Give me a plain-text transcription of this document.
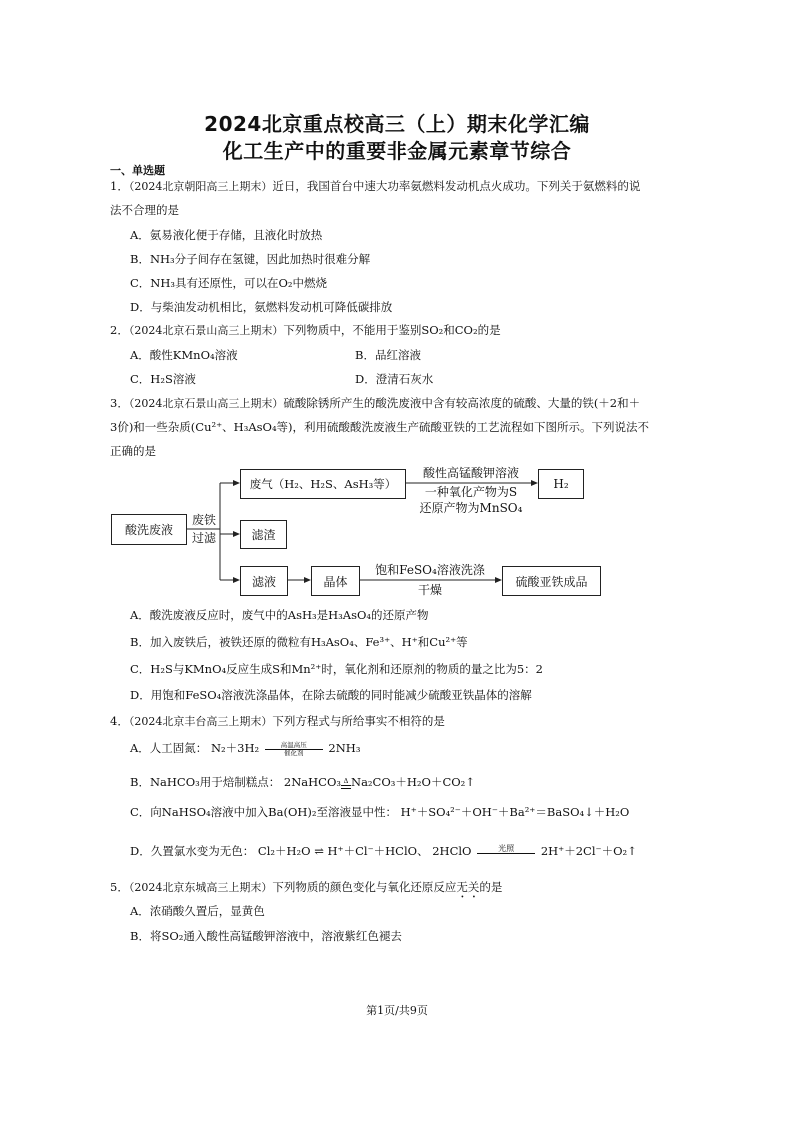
2024北京重点校高三（上）期末化学汇编
化工生产中的重要非金属元素章节综合
一、单选题
1．（2024北京朝阳高三上期末）近日，我国首台中速大功率氨燃料发动机点火成功。下列关于氨燃料的说
法不合理的是
A．氨易液化便于存储，且液化时放热
B．NH₃分子间存在氢键，因此加热时很难分解
C．NH₃具有还原性，可以在O₂中燃烧
D．与柴油发动机相比，氨燃料发动机可降低碳排放
2．（2024北京石景山高三上期末）下列物质中，不能用于鉴别SO₂和CO₂的是
A．酸性KMnO₄溶液	B．品红溶液
C．H₂S溶液	D．澄清石灰水
3．（2024北京石景山高三上期末）硫酸除锈所产生的酸洗废液中含有较高浓度的硫酸、大量的铁(＋2和＋
3价)和一些杂质(Cu²⁺、H₃AsO₄等)，利用硫酸酸洗废液生产硫酸亚铁的工艺流程如下图所示。下列说法不
正确的是
酸洗废液
废铁
过滤
废气（H₂、H₂S、AsH₃等）
酸性高锰酸钾溶液
一种氧化产物为S
还原产物为MnSO₄
H₂
滤渣
滤液	晶体
饱和FeSO₄溶液洗涤
干燥
硫酸亚铁成品
A．酸洗废液反应时，废气中的AsH₃是H₃AsO₄的还原产物
B．加入废铁后，被铁还原的微粒有H₃AsO₄、Fe³⁺、H⁺和Cu²⁺等
C．H₂S与KMnO₄反应生成S和Mn²⁺时，氧化剂和还原剂的物质的量之比为5：2
D．用饱和FeSO₄溶液洗涤晶体，在除去硫酸的同时能减少硫酸亚铁晶体的溶解
4．（2024北京丰台高三上期末）下列方程式与所给事实不相符的是
A．人工固氮： N₂＋3H₂	高温高压
催化剂	2NH₃
B．NaHCO₃用于焙制糕点： 2NaHCO₃ Δ Na₂CO₃＋H₂O＋CO₂↑
C．向NaHSO₄溶液中加入Ba(OH)₂至溶液显中性： H⁺＋SO₄²⁻＋OH⁻＋Ba²⁺＝BaSO₄↓＋H₂O
D．久置氯水变为无色： Cl₂＋H₂O ⇌ H⁺＋Cl⁻＋HClO、 2HClO	光照
	2H⁺＋2Cl⁻＋O₂↑
5．（2024北京东城高三上期末）下列物质的颜色变化与氧化还原反应无关的是
A．浓硝酸久置后，显黄色
B．将SO₂通入酸性高锰酸钾溶液中，溶液紫红色褪去
第1页/共9页
